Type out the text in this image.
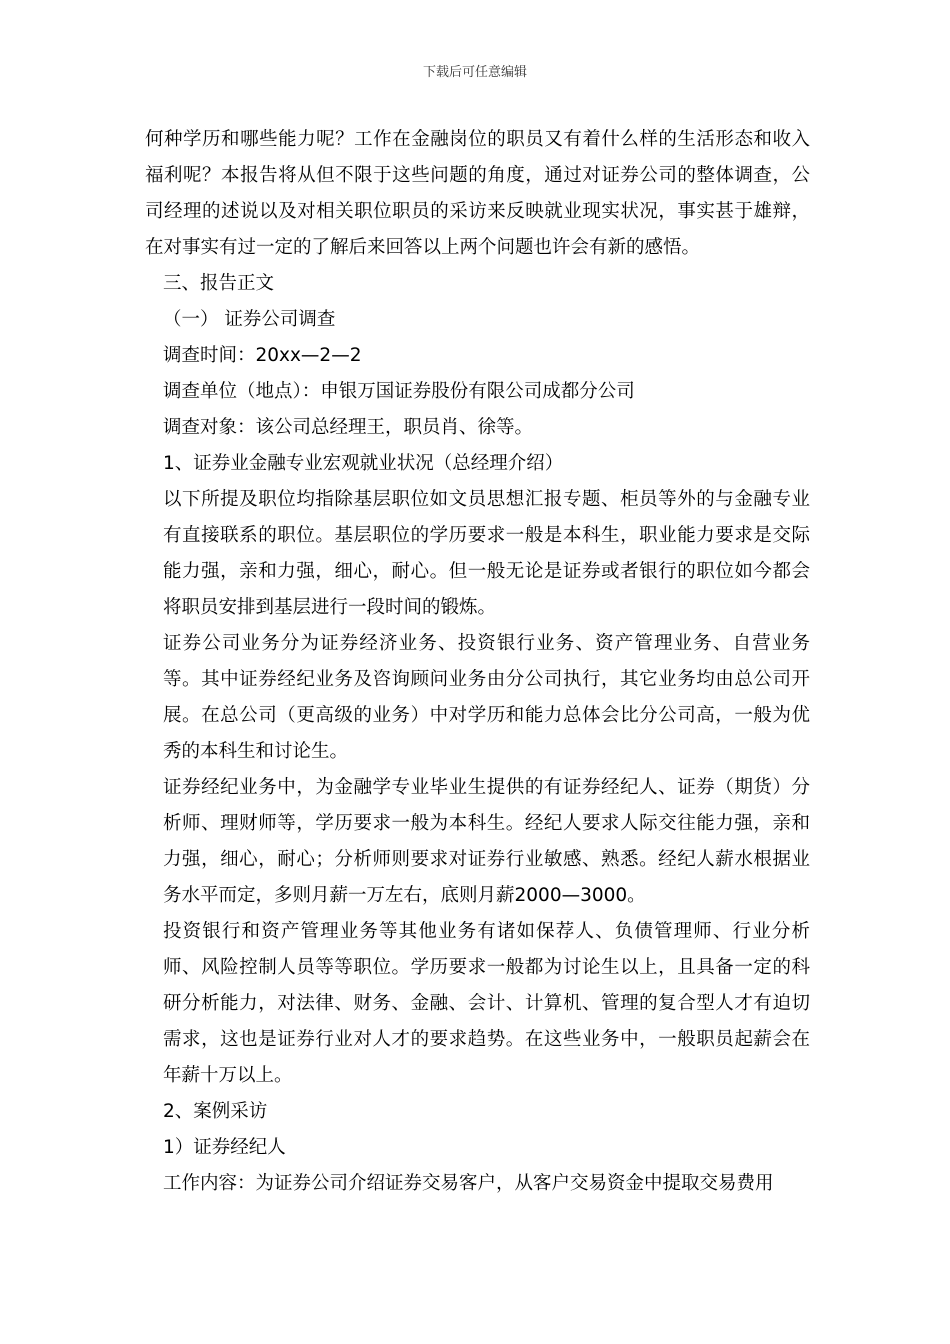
下载后可任意编辑

何种学历和哪些能力呢？工作在金融岗位的职员又有着什么样的生活形态和收入福利呢？本报告将从但不限于这些问题的角度，通过对证券公司的整体调查，公司经理的述说以及对相关职位职员的采访来反映就业现实状况，事实甚于雄辩，在对事实有过一定的了解后来回答以上两个问题也许会有新的感悟。

三、报告正文

（一） 证券公司调查

调查时间：20xx—2—2

调查单位（地点）：申银万国证券股份有限公司成都分公司

调查对象：该公司总经理王，职员肖、徐等。

1、证券业金融专业宏观就业状况（总经理介绍）

以下所提及职位均指除基层职位如文员思想汇报专题、柜员等外的与金融专业有直接联系的职位。基层职位的学历要求一般是本科生，职业能力要求是交际能力强，亲和力强，细心，耐心。但一般无论是证券或者银行的职位如今都会将职员安排到基层进行一段时间的锻炼。

证券公司业务分为证券经济业务、投资银行业务、资产管理业务、自营业务等。其中证券经纪业务及咨询顾问业务由分公司执行，其它业务均由总公司开展。在总公司（更高级的业务）中对学历和能力总体会比分公司高，一般为优秀的本科生和讨论生。

证券经纪业务中，为金融学专业毕业生提供的有证券经纪人、证券（期货）分析师、理财师等，学历要求一般为本科生。经纪人要求人际交往能力强，亲和力强，细心，耐心；分析师则要求对证券行业敏感、熟悉。经纪人薪水根据业务水平而定，多则月薪一万左右，底则月薪2000—3000。

投资银行和资产管理业务等其他业务有诸如保荐人、负债管理师、行业分析师、风险控制人员等等职位。学历要求一般都为讨论生以上，且具备一定的科研分析能力，对法律、财务、金融、会计、计算机、管理的复合型人才有迫切需求，这也是证券行业对人才的要求趋势。在这些业务中，一般职员起薪会在年薪十万以上。

2、案例采访

1）证券经纪人

工作内容：为证券公司介绍证券交易客户，从客户交易资金中提取交易费用
